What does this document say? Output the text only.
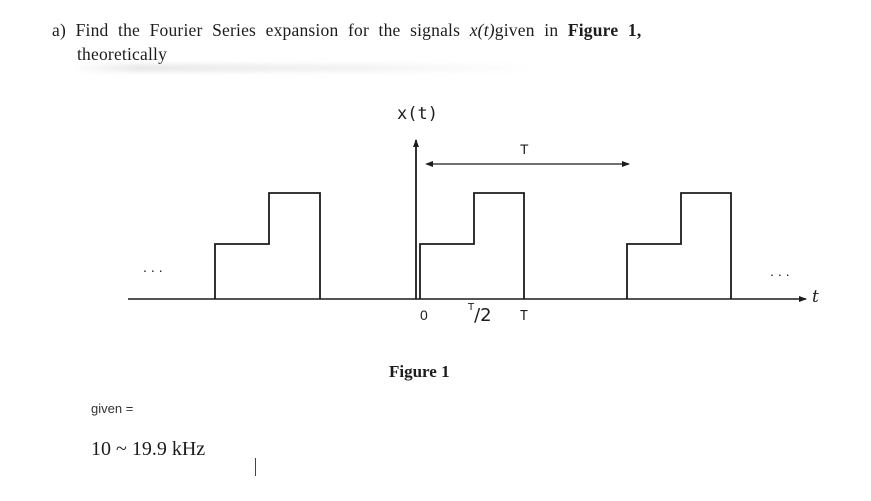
a) Find the Fourier Series expansion for the signals x(t)given in Figure 1,
theoretically
x(t)
T
0	$^T$/2 T
t
...	...
Figure 1
given =
10 ~ 19.9 kHz
